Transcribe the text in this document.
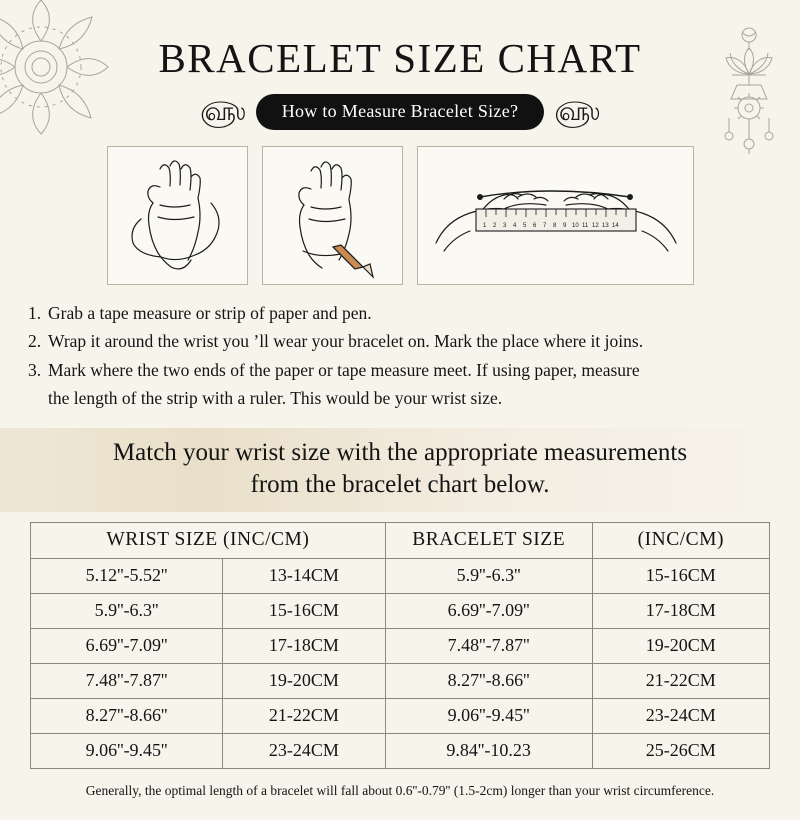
BRACELET SIZE CHART
௵	How to Measure Bracelet Size?	௵
1 2 3 4 5 6 7 8 9 10 11 12 13 14
1. Grab a tape measure or strip of paper and pen.
2. Wrap it around the wrist you ʼll wear your bracelet on. Mark the place where it joins.
3. Mark where the two ends of the paper or tape measure meet. If using paper, measure
the length of the strip with a ruler. This would be your wrist size.
Match your wrist size with the appropriate measurements
from the bracelet chart below.
WRIST SIZE (INC/CM)		BRACELET SIZE	(INC/CM)
5.12''-5.52''	13-14CM	5.9''-6.3''	15-16CM
5.9''-6.3''	15-16CM	6.69''-7.09''	17-18CM
6.69''-7.09''	17-18CM	7.48''-7.87''	19-20CM
7.48''-7.87''	19-20CM	8.27''-8.66''	21-22CM
8.27''-8.66''	21-22CM	9.06''-9.45''	23-24CM
9.06''-9.45''	23-24CM	9.84''-10.23	25-26CM
Generally, the optimal length of a bracelet will fall about 0.6''-0.79'' (1.5-2cm) longer than your wrist circumference.
